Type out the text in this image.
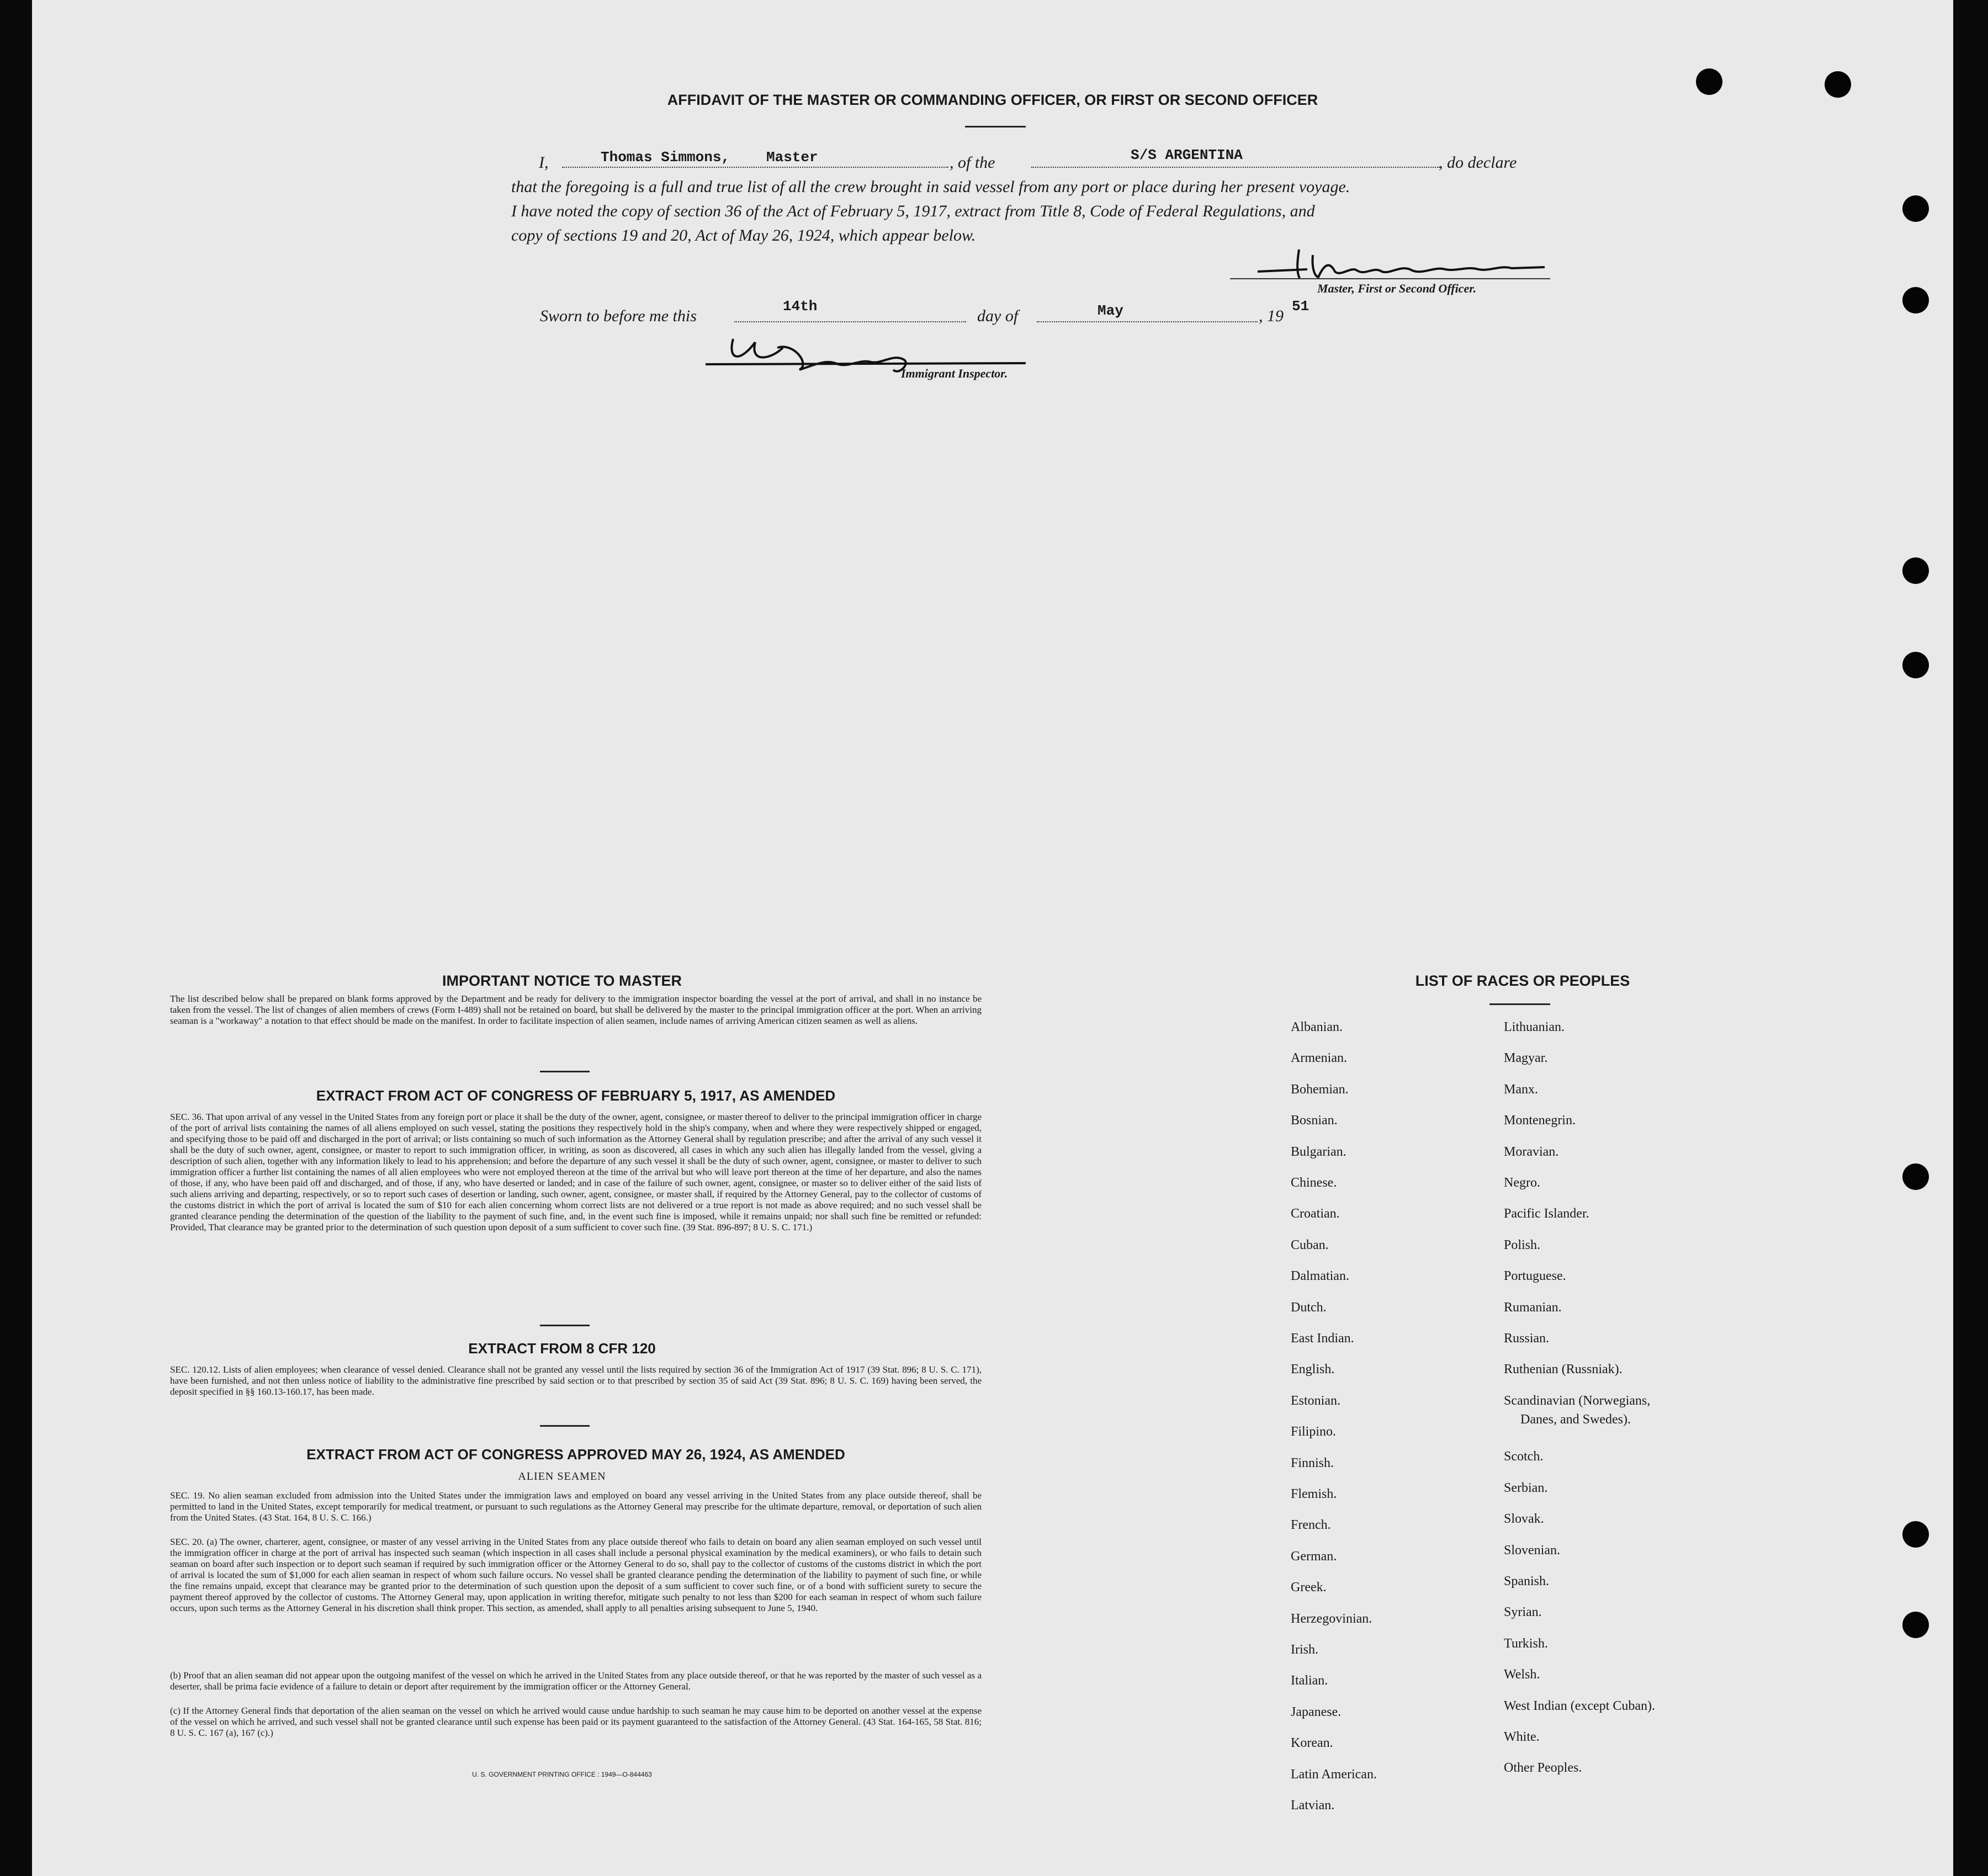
AFFIDAVIT OF THE MASTER OR COMMANDING OFFICER, OR FIRST OR SECOND OFFICER
I,	Thomas Simmons,	Master	, of the	S/S ARGENTINA	, do declare
that the foregoing is a full and true list of all the crew brought in said vessel from any port or place during her present voyage.
I have noted the copy of section 36 of the Act of February 5, 1917, extract from Title 8, Code of Federal Regulations, and
copy of sections 19 and 20, Act of May 26, 1924, which appear below.
Master, First or Second Officer.
Sworn to before me this
14th
day of	May	, 19
51
Immigrant Inspector.
IMPORTANT NOTICE TO MASTER
The list described below shall be prepared on blank forms approved by the Department and be ready for delivery to the immigration inspector boarding the vessel at the port of arrival, and shall in no instance be taken from the vessel. The list of changes of alien members of crews (Form I-489) shall not be retained on board, but shall be delivered by the master to the principal immigration officer at the port. When an arriving seaman is a "workaway" a notation to that effect should be made on the manifest. In order to facilitate inspection of alien seamen, include names of arriving American citizen seamen as well as aliens.
EXTRACT FROM ACT OF CONGRESS OF FEBRUARY 5, 1917, AS AMENDED
SEC. 36. That upon arrival of any vessel in the United States from any foreign port or place it shall be the duty of the owner, agent, consignee, or master thereof to deliver to the principal immigration officer in charge of the port of arrival lists containing the names of all aliens employed on such vessel, stating the positions they respectively hold in the ship's company, when and where they were respectively shipped or engaged, and specifying those to be paid off and discharged in the port of arrival; or lists containing so much of such information as the Attorney General shall by regulation prescribe; and after the arrival of any such vessel it shall be the duty of such owner, agent, consignee, or master to report to such immigration officer, in writing, as soon as discovered, all cases in which any such alien has illegally landed from the vessel, giving a description of such alien, together with any information likely to lead to his apprehension; and before the departure of any such vessel it shall be the duty of such owner, agent, consignee, or master to deliver to such immigration officer a further list containing the names of all alien employees who were not employed thereon at the time of the arrival but who will leave port thereon at the time of her departure, and also the names of those, if any, who have been paid off and discharged, and of those, if any, who have deserted or landed; and in case of the failure of such owner, agent, consignee, or master so to deliver either of the said lists of such aliens arriving and departing, respectively, or so to report such cases of desertion or landing, such owner, agent, consignee, or master shall, if required by the Attorney General, pay to the collector of customs of the customs district in which the port of arrival is located the sum of $10 for each alien concerning whom correct lists are not delivered or a true report is not made as above required; and no such vessel shall be granted clearance pending the determination of the question of the liability to the payment of such fine, and, in the event such fine is imposed, while it remains unpaid; nor shall such fine be remitted or refunded: Provided, That clearance may be granted prior to the determination of such question upon deposit of a sum sufficient to cover such fine. (39 Stat. 896-897; 8 U. S. C. 171.)
EXTRACT FROM 8 CFR 120
SEC. 120.12. Lists of alien employees; when clearance of vessel denied. Clearance shall not be granted any vessel until the lists required by section 36 of the Immigration Act of 1917 (39 Stat. 896; 8 U. S. C. 171), have been furnished, and not then unless notice of liability to the administrative fine prescribed by said section or to that prescribed by section 35 of said Act (39 Stat. 896; 8 U. S. C. 169) having been served, the deposit specified in §§ 160.13-160.17, has been made.
EXTRACT FROM ACT OF CONGRESS APPROVED MAY 26, 1924, AS AMENDED
ALIEN SEAMEN
SEC. 19. No alien seaman excluded from admission into the United States under the immigration laws and employed on board any vessel arriving in the United States from any place outside thereof, shall be permitted to land in the United States, except temporarily for medical treatment, or pursuant to such regulations as the Attorney General may prescribe for the ultimate departure, removal, or deportation of such alien from the United States. (43 Stat. 164, 8 U. S. C. 166.)
SEC. 20. (a) The owner, charterer, agent, consignee, or master of any vessel arriving in the United States from any place outside thereof who fails to detain on board any alien seaman employed on such vessel until the immigration officer in charge at the port of arrival has inspected such seaman (which inspection in all cases shall include a personal physical examination by the medical examiners), or who fails to detain such seaman on board after such inspection or to deport such seaman if required by such immigration officer or the Attorney General to do so, shall pay to the collector of customs of the customs district in which the port of arrival is located the sum of $1,000 for each alien seaman in respect of whom such failure occurs. No vessel shall be granted clearance pending the determination of the liability to payment of such fine, or while the fine remains unpaid, except that clearance may be granted prior to the determination of such question upon the deposit of a sum sufficient to cover such fine, or of a bond with sufficient surety to secure the payment thereof approved by the collector of customs. The Attorney General may, upon application in writing therefor, mitigate such penalty to not less than $200 for each seaman in respect of whom such failure occurs, upon such terms as the Attorney General in his discretion shall think proper. This section, as amended, shall apply to all penalties arising subsequent to June 5, 1940.
(b) Proof that an alien seaman did not appear upon the outgoing manifest of the vessel on which he arrived in the United States from any place outside thereof, or that he was reported by the master of such vessel as a deserter, shall be prima facie evidence of a failure to detain or deport after requirement by the immigration officer or the Attorney General.
(c) If the Attorney General finds that deportation of the alien seaman on the vessel on which he arrived would cause undue hardship to such seaman he may cause him to be deported on another vessel at the expense of the vessel on which he arrived, and such vessel shall not be granted clearance until such expense has been paid or its payment guaranteed to the satisfaction of the Attorney General. (43 Stat. 164-165, 58 Stat. 816; 8 U. S. C. 167 (a), 167 (c).)
U. S. GOVERNMENT PRINTING OFFICE : 1949—O-844463
LIST OF RACES OR PEOPLES
Albanian.
Armenian.
Bohemian.
Bosnian.
Bulgarian.
Chinese.
Croatian.
Cuban.
Dalmatian.
Dutch.
East Indian.
English.
Estonian.
Filipino.
Finnish.
Flemish.
French.
German.
Greek.
Herzegovinian.
Irish.
Italian.
Japanese.
Korean.
Latin American.
Latvian.
Lithuanian.
Magyar.
Manx.
Montenegrin.
Moravian.
Negro.
Pacific Islander.
Polish.
Portuguese.
Rumanian.
Russian.
Ruthenian (Russniak).
Scandinavian (Norwegians,
Danes, and Swedes).
Scotch.
Serbian.
Slovak.
Slovenian.
Spanish.
Syrian.
Turkish.
Welsh.
West Indian (except Cuban).
White.
Other Peoples.
